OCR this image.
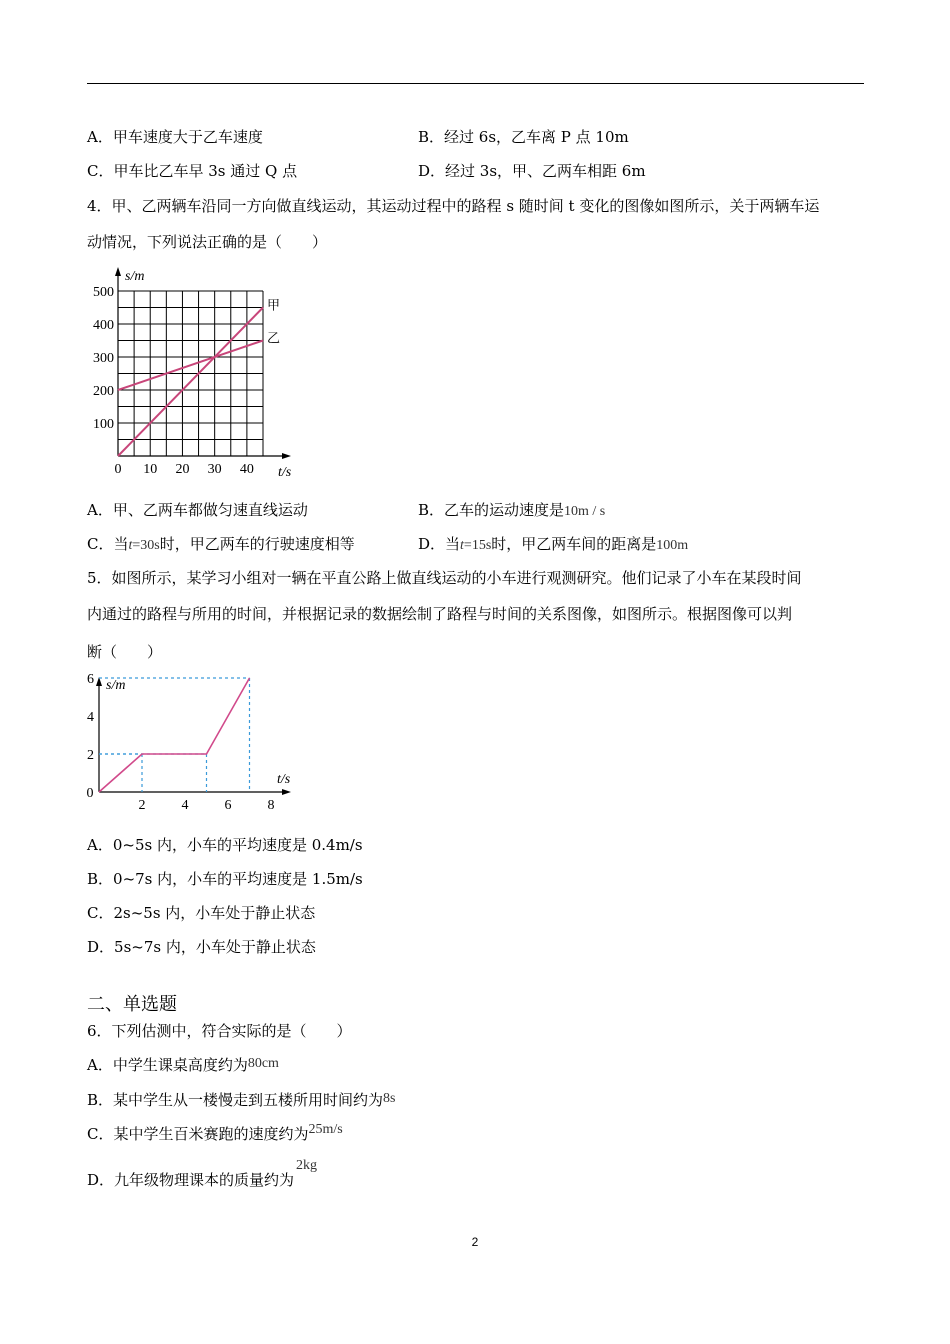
A．甲车速度大于乙车速度	B．经过 6s，乙车离 P 点 10m
C．甲车比乙车早 3s 通过 Q 点	D．经过 3s，甲、乙两车相距 6m
4．甲、乙两辆车沿同一方向做直线运动，其运动过程中的路程 s 随时间 t 变化的图像如图所示，关于两辆车运
动情况，下列说法正确的是（　　）
s/m
t/s
100
200
300
400
500
0 10 20 30 40
甲
乙
A．甲、乙两车都做匀速直线运动	B．乙车的运动速度是10m / s
C．当t=30s时，甲乙两车的行驶速度相等	D．当t=15s时，甲乙两车间的距离是100m
5．如图所示，某学习小组对一辆在平直公路上做直线运动的小车进行观测研究。他们记录了小车在某段时间
内通过的路程与所用的时间，并根据记录的数据绘制了路程与时间的关系图像，如图所示。根据图像可以判
断（　　）
s/m
t/s
0
2
4
6
2	4	6	8
A．0~5s 内，小车的平均速度是 0.4m/s
B．0~7s 内，小车的平均速度是 1.5m/s
C．2s~5s 内，小车处于静止状态
D．5s~7s 内，小车处于静止状态
二、单选题
6．下列估测中，符合实际的是（　　）
A．中学生课桌高度约为80cm
B．某中学生从一楼慢走到五楼所用时间约为8s
C．某中学生百米赛跑的速度约为25m/s
D．九年级物理课本的质量约为2kg
2
